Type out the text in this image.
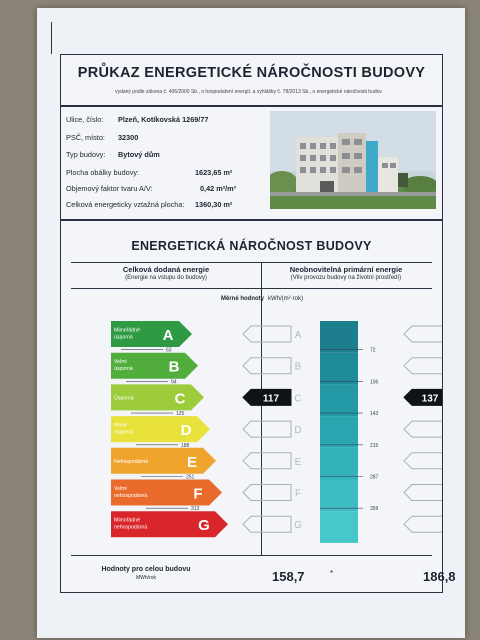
PRŮKAZ ENERGETICKÉ NÁROČNOSTI BUDOVY
vydaný podle zákona č. 406/2000 Sb., o hospodaření energií, a vyhlášky č. 78/2013 Sb., o energetické náročnosti budov
Ulice, číslo: Plzeň, Kotíkovská 1269/77
PSČ, místo: 32300
Typ budovy: Bytový dům
Plocha obálky budovy:	1623,65 m²
Objemový faktor tvaru A/V:	0,42 m²/m³
Celková energeticky vztažná plocha: 1360,30 m²
ENERGETICKÁ NÁROČNOST BUDOVY
Celková dodaná energie
(Energie na vstupu do budovy)
Neobnovitelná primární energie
(Vliv provozu budovy na životní prostředí)
Měrné hodnoty kWh/(m²·rok)
Mimořádně
úsporná A	A
Velmi
úsporná B	B
Úsporná	C	117 C	137
Méně
úsporná	D	D
Nehospodárná	E	E
Velmi
nehospodárná	F	F
Mimořádně
nehospodárná	G	G
63
94
125
188
251
313
72
106
143
215
287
359
Hodnoty pro celou budovu
MWh/rok	158,7	*	186,8
